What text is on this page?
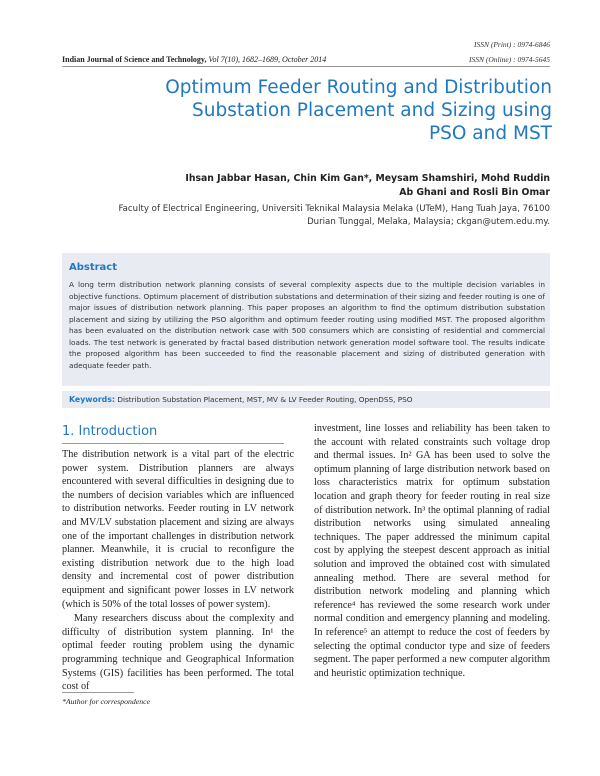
ISSN (Print) : 0974-6846
ISSN (Online) : 0974-5645
Indian Journal of Science and Technology, Vol 7(10), 1682–1689, October 2014
Optimum Feeder Routing and Distribution
Substation Placement and Sizing using
PSO and MST
Ihsan Jabbar Hasan, Chin Kim Gan*, Meysam Shamshiri, Mohd Ruddin
Ab Ghani and Rosli Bin Omar
Faculty of Electrical Engineering, Universiti Teknikal Malaysia Melaka (UTeM), Hang Tuah Jaya, 76100
Durian Tunggal, Melaka, Malaysia; ckgan@utem.edu.my.
Abstract
A long term distribution network planning consists of several complexity aspects due to the multiple decision variables in objective functions. Optimum placement of distribution substations and determination of their sizing and feeder routing is one of major issues of distribution network planning. This paper proposes an algorithm to find the optimum distribution substation placement and sizing by utilizing the PSO algorithm and optimum feeder routing using modified MST. The proposed algorithm has been evaluated on the distribution network case with 500 consumers which are consisting of residential and commercial loads. The test network is generated by fractal based distribution network generation model software tool. The results indicate the proposed algorithm has been succeeded to find the reasonable placement and sizing of distributed generation with adequate feeder path.
Keywords: Distribution Substation Placement, MST, MV & LV Feeder Routing, OpenDSS, PSO
1. Introduction

The distribution network is a vital part of the electric power system. Distribution planners are always encountered with several difficulties in designing due to the numbers of decision variables which are influenced to distribution networks. Feeder routing in LV network and MV/LV substation placement and sizing are always one of the important challenges in distribution network planner. Meanwhile, it is crucial to reconfigure the existing distribution network due to the high load density and incremental cost of power distribution equipment and significant power losses in LV network (which is 50% of the total losses of power system).

Many researchers discuss about the complexity and difficulty of distribution system planning. In¹ the optimal feeder routing problem using the dynamic programming technique and Geographical Information Systems (GIS) facilities has been performed. The total cost of

investment, line losses and reliability has been taken to the account with related constraints such voltage drop and thermal issues. In² GA has been used to solve the optimum planning of large distribution network based on loss characteristics matrix for optimum substation location and graph theory for feeder routing in real size of distribution network. In³ the optimal planning of radial distribution networks using simulated annealing techniques. The paper addressed the minimum capital cost by applying the steepest descent approach as initial solution and improved the obtained cost with simulated annealing method. There are several method for distribution network modeling and planning which reference⁴ has reviewed the some research work under normal condition and emergency planning and modeling. In reference⁵ an attempt to reduce the cost of feeders by selecting the optimal conductor type and size of feeders segment. The paper performed a new computer algorithm and heuristic optimization technique.

*Author for correspondence
